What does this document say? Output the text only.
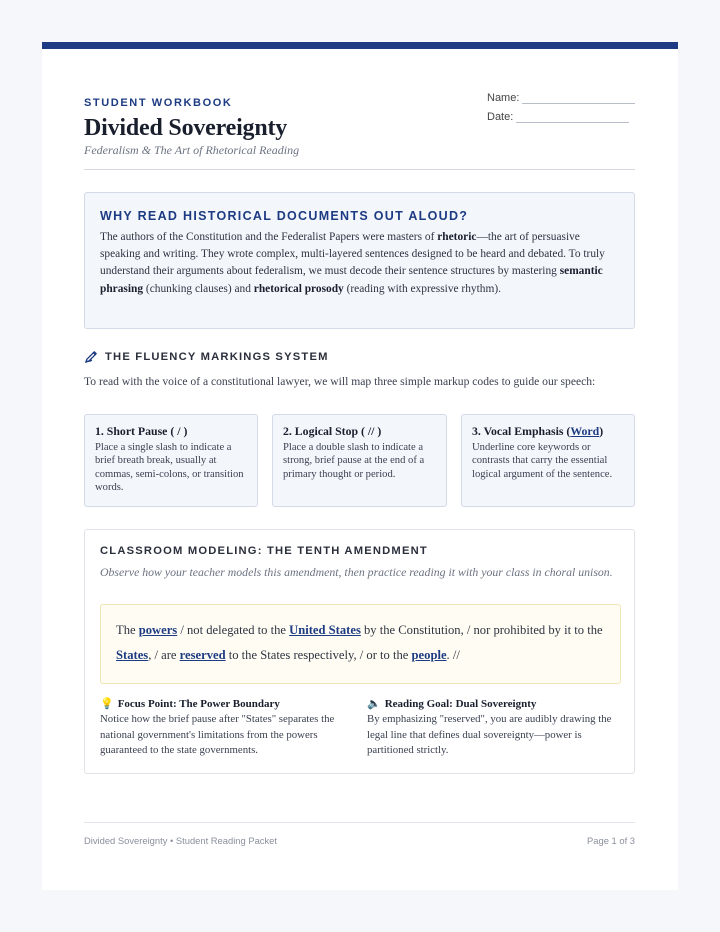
STUDENT WORKBOOK
Divided Sovereignty
Federalism & The Art of Rhetorical Reading
Name:
Date:
WHY READ HISTORICAL DOCUMENTS OUT ALOUD?

The authors of the Constitution and the Federalist Papers were masters of rhetoric—the art of persuasive speaking and writing. They wrote complex, multi-layered sentences designed to be heard and debated. To truly understand their arguments about federalism, we must decode their sentence structures by mastering semantic phrasing (chunking clauses) and rhetorical prosody (reading with expressive rhythm).

THE FLUENCY MARKINGS SYSTEM
To read with the voice of a constitutional lawyer, we will map three simple markup codes to guide our speech:
1. Short Pause ( / )

Place a single slash to indicate a brief breath break, usually at commas, semi-colons, or transition words.

2. Logical Stop ( // )

Place a double slash to indicate a strong, brief pause at the end of a primary thought or period.

3. Vocal Emphasis (Word)

Underline core keywords or contrasts that carry the essential logical argument of the sentence.

CLASSROOM MODELING: THE TENTH AMENDMENT
Observe how your teacher models this amendment, then practice reading it with your class in choral unison.
The powers / not delegated to the United States by the Constitution, / nor prohibited by it to the States, / are reserved to the States respectively, / or to the people. //
💡 Focus Point: The Power Boundary

Notice how the brief pause after "States" separates the national government's limitations from the powers guaranteed to the state governments.

🔈 Reading Goal: Dual Sovereignty

By emphasizing "reserved", you are audibly drawing the legal line that defines dual sovereignty—power is partitioned strictly.

Divided Sovereignty • Student Reading Packet	Page 1 of 3
